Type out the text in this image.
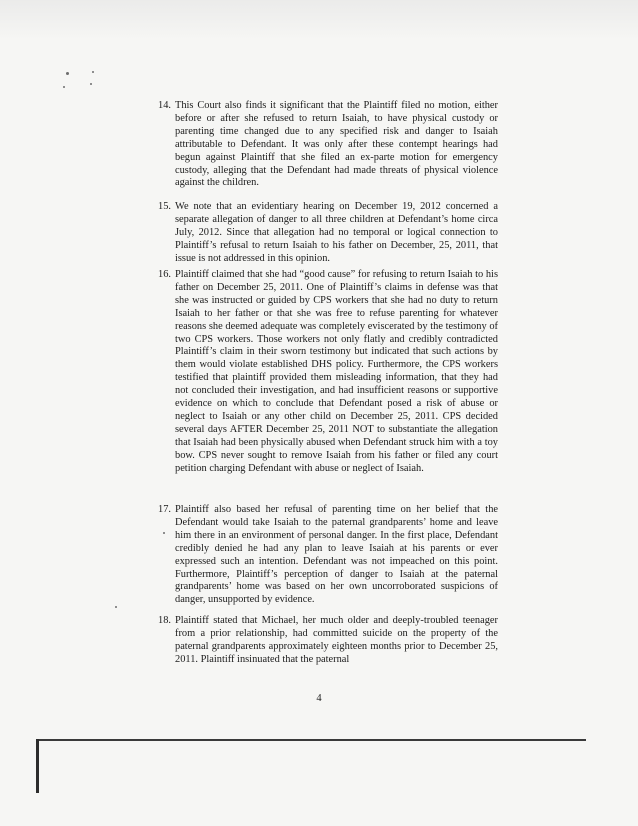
14. This Court also finds it significant that the Plaintiff filed no motion, either before or after she refused to return Isaiah, to have physical custody or parenting time changed due to any specified risk and danger to Isaiah attributable to Defendant. It was only after these contempt hearings had begun against Plaintiff that she filed an ex-parte motion for emergency custody, alleging that the Defendant had made threats of physical violence against the children.
15. We note that an evidentiary hearing on December 19, 2012 concerned a separate allegation of danger to all three children at Defendant’s home circa July, 2012. Since that allegation had no temporal or logical connection to Plaintiff’s refusal to return Isaiah to his father on December, 25, 2011, that issue is not addressed in this opinion.
16. Plaintiff claimed that she had “good cause” for refusing to return Isaiah to his father on December 25, 2011. One of Plaintiff’s claims in defense was that she was instructed or guided by CPS workers that she had no duty to return Isaiah to her father or that she was free to refuse parenting for whatever reasons she deemed adequate was completely eviscerated by the testimony of two CPS workers. Those workers not only flatly and credibly contradicted Plaintiff’s claim in their sworn testimony but indicated that such actions by them would violate established DHS policy. Furthermore, the CPS workers testified that plaintiff provided them misleading information, that they had not concluded their investigation, and had insufficient reasons or supportive evidence on which to conclude that Defendant posed a risk of abuse or neglect to Isaiah or any other child on December 25, 2011. CPS decided several days AFTER December 25, 2011 NOT to substantiate the allegation that Isaiah had been physically abused when Defendant struck him with a toy bow. CPS never sought to remove Isaiah from his father or filed any court petition charging Defendant with abuse or neglect of Isaiah.
17. Plaintiff also based her refusal of parenting time on her belief that the Defendant would take Isaiah to the paternal grandparents’ home and leave him there in an environment of personal danger. In the first place, Defendant credibly denied he had any plan to leave Isaiah at his parents or ever expressed such an intention. Defendant was not impeached on this point. Furthermore, Plaintiff’s perception of danger to Isaiah at the paternal grandparents’ home was based on her own uncorroborated suspicions of danger, unsupported by evidence.
18. Plaintiff stated that Michael, her much older and deeply-troubled teenager from a prior relationship, had committed suicide on the property of the paternal grandparents approximately eighteen months prior to December 25, 2011. Plaintiff insinuated that the paternal
4
